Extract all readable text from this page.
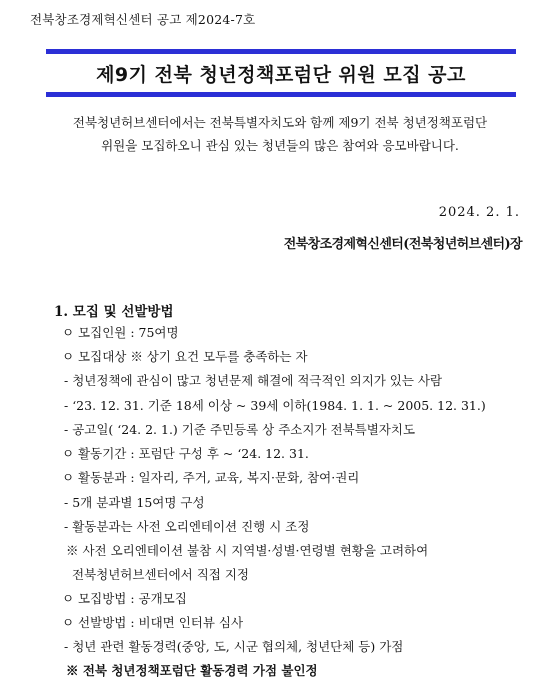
전북창조경제혁신센터 공고 제2024-7호
제9기 전북 청년정책포럼단 위원 모집 공고
전북청년허브센터에서는 전북특별자치도와 함께 제9기 전북 청년정책포럼단
위원을 모집하오니 관심 있는 청년들의 많은 참여와 응모바랍니다.
2024. 2. 1.
전북창조경제혁신센터(전북청년허브센터)장
1. 모집 및 선발방법
ㅇ 모집인원 : 75여명
ㅇ 모집대상 ※ 상기 요건 모두를 충족하는 자
- 청년정책에 관심이 많고 청년문제 해결에 적극적인 의지가 있는 사람
- ‘23. 12. 31. 기준 18세 이상 ~ 39세 이하(1984. 1. 1. ~ 2005. 12. 31.)
- 공고일( ‘24. 2. 1.) 기준 주민등록 상 주소지가 전북특별자치도
ㅇ 활동기간 : 포럼단 구성 후 ~ ‘24. 12. 31.
ㅇ 활동분과 : 일자리, 주거, 교육, 복지·문화, 참여·권리
- 5개 분과별 15여명 구성
- 활동분과는 사전 오리엔테이션 진행 시 조정
※ 사전 오리엔테이션 불참 시 지역별·성별·연령별 현황을 고려하여
전북청년허브센터에서 직접 지정
ㅇ 모집방법 : 공개모집
ㅇ 선발방법 : 비대면 인터뷰 심사
- 청년 관련 활동경력(중앙, 도, 시군 협의체, 청년단체 등) 가점
※ 전북 청년정책포럼단 활동경력 가점 불인정
